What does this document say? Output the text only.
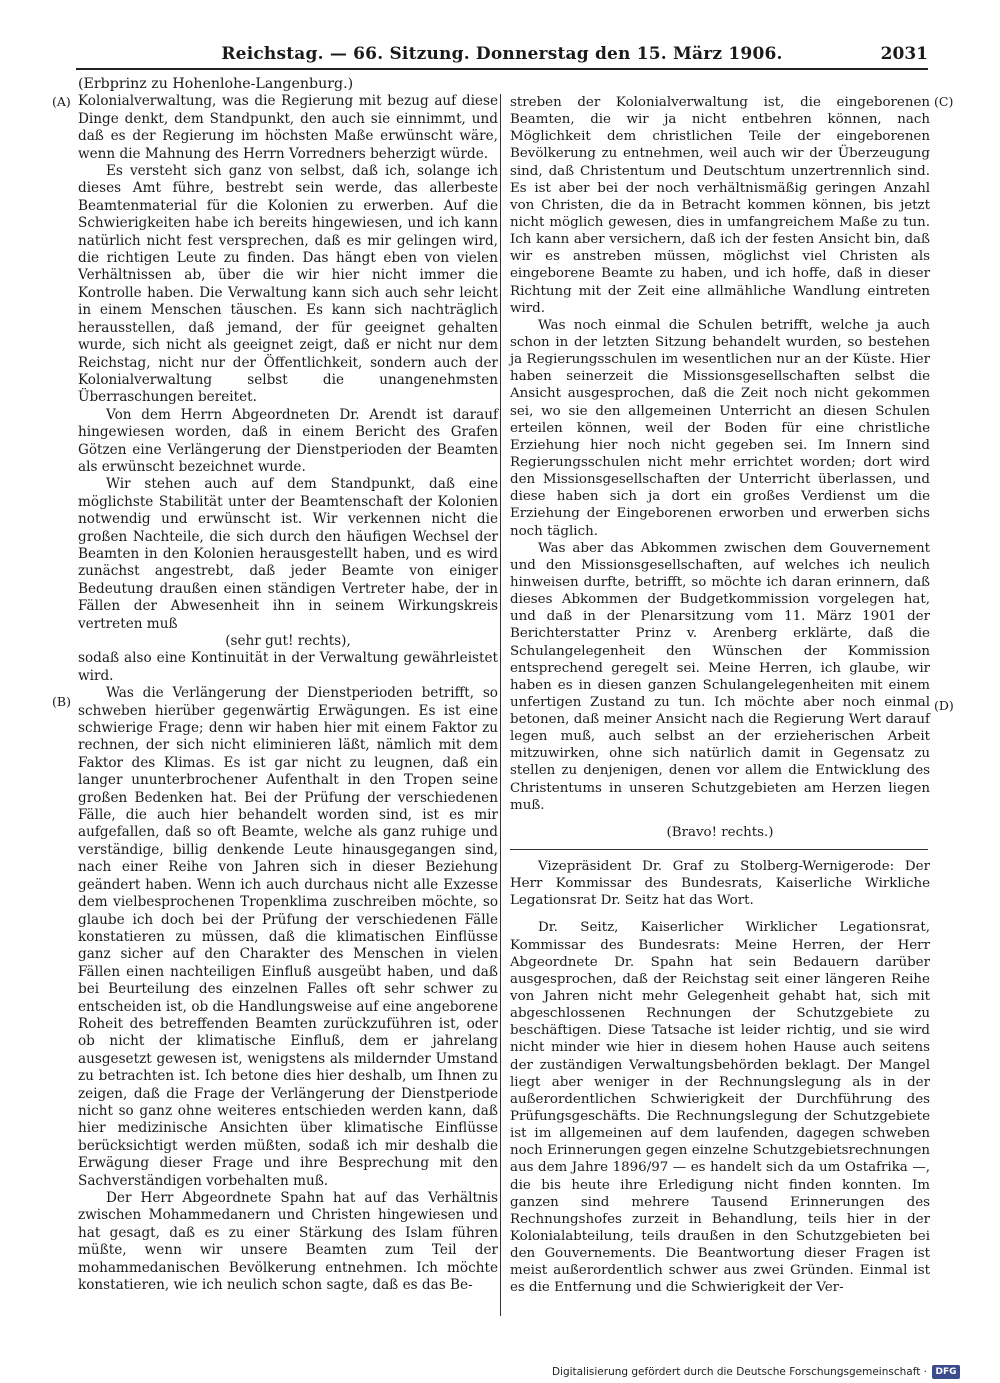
Reichstag. — 66. Sitzung. Donnerstag den 15. März 1906.	2031
(A)
(B)
(C)
(D)

(Erbprinz zu Hohenlohe-Langenburg.)

Kolonialverwaltung, was die Regierung mit bezug auf diese Dinge denkt, dem Standpunkt, den auch sie einnimmt, und daß es der Regierung im höchsten Maße erwünscht wäre, wenn die Mahnung des Herrn Vorredners beherzigt würde.

Es versteht sich ganz von selbst, daß ich, solange ich dieses Amt führe, bestrebt sein werde, das allerbeste Beamtenmaterial für die Kolonien zu erwerben. Auf die Schwierigkeiten habe ich bereits hingewiesen, und ich kann natürlich nicht fest versprechen, daß es mir gelingen wird, die richtigen Leute zu finden. Das hängt eben von vielen Verhältnissen ab, über die wir hier nicht immer die Kontrolle haben. Die Verwaltung kann sich auch sehr leicht in einem Menschen täuschen. Es kann sich nachträglich herausstellen, daß jemand, der für geeignet gehalten wurde, sich nicht als geeignet zeigt, daß er nicht nur dem Reichstag, nicht nur der Öffentlichkeit, sondern auch der Kolonialverwaltung selbst die unangenehmsten Überraschungen bereitet.

Von dem Herrn Abgeordneten Dr. Arendt ist darauf hingewiesen worden, daß in einem Bericht des Grafen Götzen eine Verlängerung der Dienstperioden der Beamten als erwünscht bezeichnet wurde.

Wir stehen auch auf dem Standpunkt, daß eine möglichste Stabilität unter der Beamtenschaft der Kolonien notwendig und erwünscht ist. Wir verkennen nicht die großen Nachteile, die sich durch den häufigen Wechsel der Beamten in den Kolonien herausgestellt haben, und es wird zunächst angestrebt, daß jeder Beamte von einiger Bedeutung draußen einen ständigen Vertreter habe, der in Fällen der Abwesenheit ihn in seinem Wirkungskreis vertreten muß

(sehr gut! rechts),

sodaß also eine Kontinuität in der Verwaltung gewährleistet wird.

Was die Verlängerung der Dienstperioden betrifft, so schweben hierüber gegenwärtig Erwägungen. Es ist eine schwierige Frage; denn wir haben hier mit einem Faktor zu rechnen, der sich nicht eliminieren läßt, nämlich mit dem Faktor des Klimas. Es ist gar nicht zu leugnen, daß ein langer ununterbrochener Aufenthalt in den Tropen seine großen Bedenken hat. Bei der Prüfung der verschiedenen Fälle, die auch hier behandelt worden sind, ist es mir aufgefallen, daß so oft Beamte, welche als ganz ruhige und verständige, billig denkende Leute hinausgegangen sind, nach einer Reihe von Jahren sich in dieser Beziehung geändert haben. Wenn ich auch durchaus nicht alle Exzesse dem vielbesprochenen Tropenklima zuschreiben möchte, so glaube ich doch bei der Prüfung der verschiedenen Fälle konstatieren zu müssen, daß die klimatischen Einflüsse ganz sicher auf den Charakter des Menschen in vielen Fällen einen nachteiligen Einfluß ausgeübt haben, und daß bei Beurteilung des einzelnen Falles oft sehr schwer zu entscheiden ist, ob die Handlungsweise auf eine angeborene Roheit des betreffenden Beamten zurückzuführen ist, oder ob nicht der klimatische Einfluß, dem er jahrelang ausgesetzt gewesen ist, wenigstens als mildernder Umstand zu betrachten ist. Ich betone dies hier deshalb, um Ihnen zu zeigen, daß die Frage der Verlängerung der Dienstperiode nicht so ganz ohne weiteres entschieden werden kann, daß hier medizinische Ansichten über klimatische Einflüsse berücksichtigt werden müßten, sodaß ich mir deshalb die Erwägung dieser Frage und ihre Besprechung mit den Sachverständigen vorbehalten muß.

Der Herr Abgeordnete Spahn hat auf das Verhältnis zwischen Mohammedanern und Christen hingewiesen und hat gesagt, daß es zu einer Stärkung des Islam führen müßte, wenn wir unsere Beamten zum Teil der mohammedanischen Bevölkerung entnehmen. Ich möchte konstatieren, wie ich neulich schon sagte, daß es das Be-

streben der Kolonialverwaltung ist, die eingeborenen Beamten, die wir ja nicht entbehren können, nach Möglichkeit dem christlichen Teile der eingeborenen Bevölkerung zu entnehmen, weil auch wir der Überzeugung sind, daß Christentum und Deutschtum unzertrennlich sind. Es ist aber bei der noch verhältnismäßig geringen Anzahl von Christen, die da in Betracht kommen können, bis jetzt nicht möglich gewesen, dies in umfangreichem Maße zu tun. Ich kann aber versichern, daß ich der festen Ansicht bin, daß wir es anstreben müssen, möglichst viel Christen als eingeborene Beamte zu haben, und ich hoffe, daß in dieser Richtung mit der Zeit eine allmähliche Wandlung eintreten wird.

Was noch einmal die Schulen betrifft, welche ja auch schon in der letzten Sitzung behandelt wurden, so bestehen ja Regierungsschulen im wesentlichen nur an der Küste. Hier haben seinerzeit die Missionsgesellschaften selbst die Ansicht ausgesprochen, daß die Zeit noch nicht gekommen sei, wo sie den allgemeinen Unterricht an diesen Schulen erteilen können, weil der Boden für eine christliche Erziehung hier noch nicht gegeben sei. Im Innern sind Regierungsschulen nicht mehr errichtet worden; dort wird den Missionsgesellschaften der Unterricht überlassen, und diese haben sich ja dort ein großes Verdienst um die Erziehung der Eingeborenen erworben und erwerben sichs noch täglich.

Was aber das Abkommen zwischen dem Gouvernement und den Missionsgesellschaften, auf welches ich neulich hinweisen durfte, betrifft, so möchte ich daran erinnern, daß dieses Abkommen der Budgetkommission vorgelegen hat, und daß in der Plenarsitzung vom 11. März 1901 der Berichterstatter Prinz v. Arenberg erklärte, daß die Schulangelegenheit den Wünschen der Kommission entsprechend geregelt sei. Meine Herren, ich glaube, wir haben es in diesen ganzen Schulangelegenheiten mit einem unfertigen Zustand zu tun. Ich möchte aber noch einmal betonen, daß meiner Ansicht nach die Regierung Wert darauf legen muß, auch selbst an der erzieherischen Arbeit mitzuwirken, ohne sich natürlich damit in Gegensatz zu stellen zu denjenigen, denen vor allem die Entwicklung des Christentums in unseren Schutzgebieten am Herzen liegen muß.

(Bravo! rechts.)

Vizepräsident Dr. Graf zu Stolberg-Wernigerode: Der Herr Kommissar des Bundesrats, Kaiserliche Wirkliche Legationsrat Dr. Seitz hat das Wort.

Dr. Seitz, Kaiserlicher Wirklicher Legationsrat, Kommissar des Bundesrats: Meine Herren, der Herr Abgeordnete Dr. Spahn hat sein Bedauern darüber ausgesprochen, daß der Reichstag seit einer längeren Reihe von Jahren nicht mehr Gelegenheit gehabt hat, sich mit abgeschlossenen Rechnungen der Schutzgebiete zu beschäftigen. Diese Tatsache ist leider richtig, und sie wird nicht minder wie hier in diesem hohen Hause auch seitens der zuständigen Verwaltungsbehörden beklagt. Der Mangel liegt aber weniger in der Rechnungslegung als in der außerordentlichen Schwierigkeit der Durchführung des Prüfungsgeschäfts. Die Rechnungslegung der Schutzgebiete ist im allgemeinen auf dem laufenden, dagegen schweben noch Erinnerungen gegen einzelne Schutzgebietsrechnungen aus dem Jahre 1896/97 — es handelt sich da um Ostafrika —, die bis heute ihre Erledigung nicht finden konnten. Im ganzen sind mehrere Tausend Erinnerungen des Rechnungshofes zurzeit in Behandlung, teils hier in der Kolonialabteilung, teils draußen in den Schutzgebieten bei den Gouvernements. Die Beantwortung dieser Fragen ist meist außerordentlich schwer aus zwei Gründen. Einmal ist es die Entfernung und die Schwierigkeit der Ver-

Digitalisierung gefördert durch die Deutsche Forschungsgemeinschaft · DFG
